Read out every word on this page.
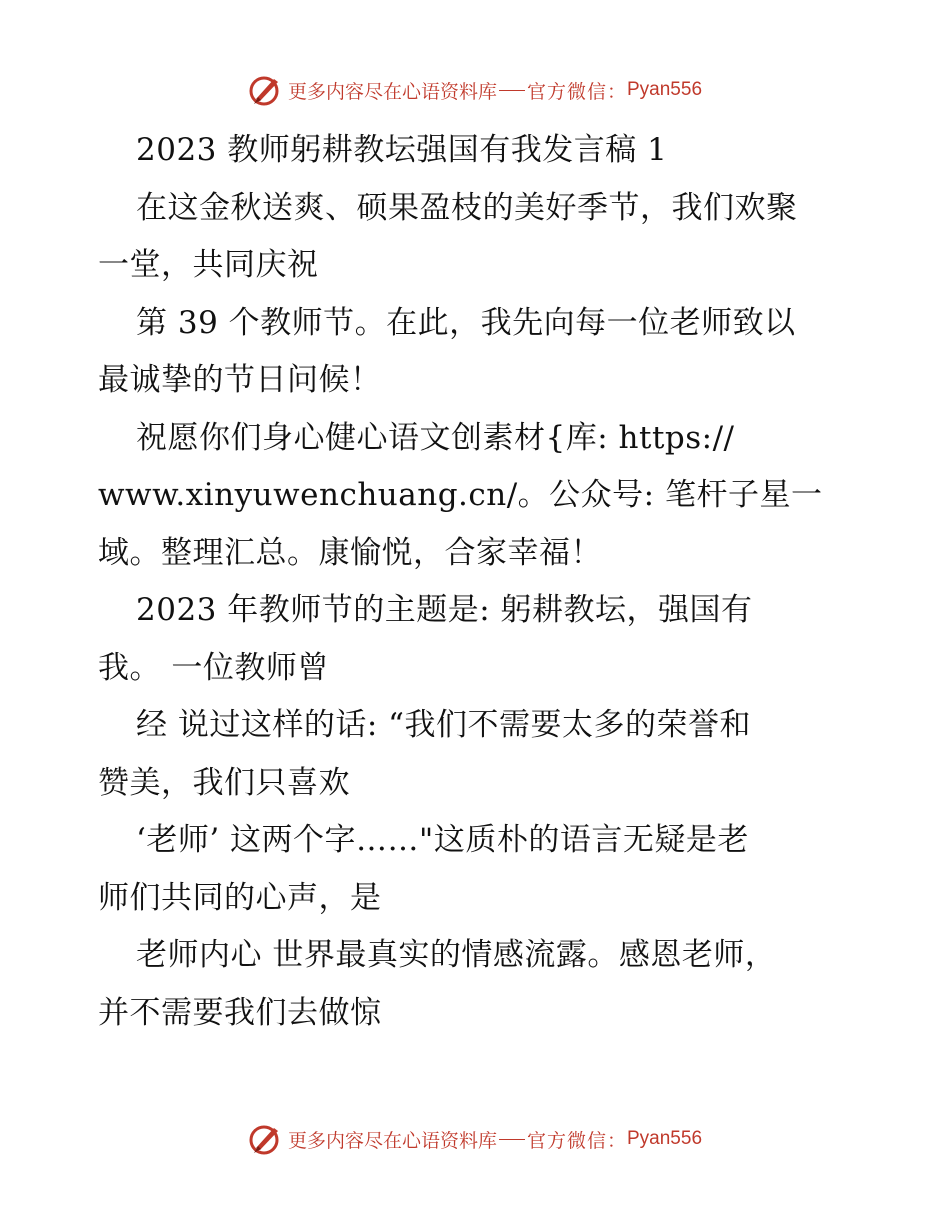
更多内容尽在心语资料库 官方微信： Pyan556
2023 教师躬耕教坛强国有我发言稿 1
在这金秋送爽、硕果盈枝的美好季节，我们欢聚
一堂，共同庆祝
第 39 个教师节。在此，我先向每一位老师致以
最诚挚的节日问候！
祝愿你们身心健心语文创素材{库: https://
www.xinyuwenchuang.cn/。公众号: 笔杆子星一
域。整理汇总。康愉悦，合家幸福！
2023 年教师节的主题是: 躬耕教坛，强国有
我。 一位教师曾
经 说过这样的话: “我们不需要太多的荣誉和
赞美，我们只喜欢
‘老师’ 这两个字……"这质朴的语言无疑是老
师们共同的心声，是
老师内心 世界最真实的情感流露。感恩老师，
并不需要我们去做惊
更多内容尽在心语资料库 官方微信： Pyan556
